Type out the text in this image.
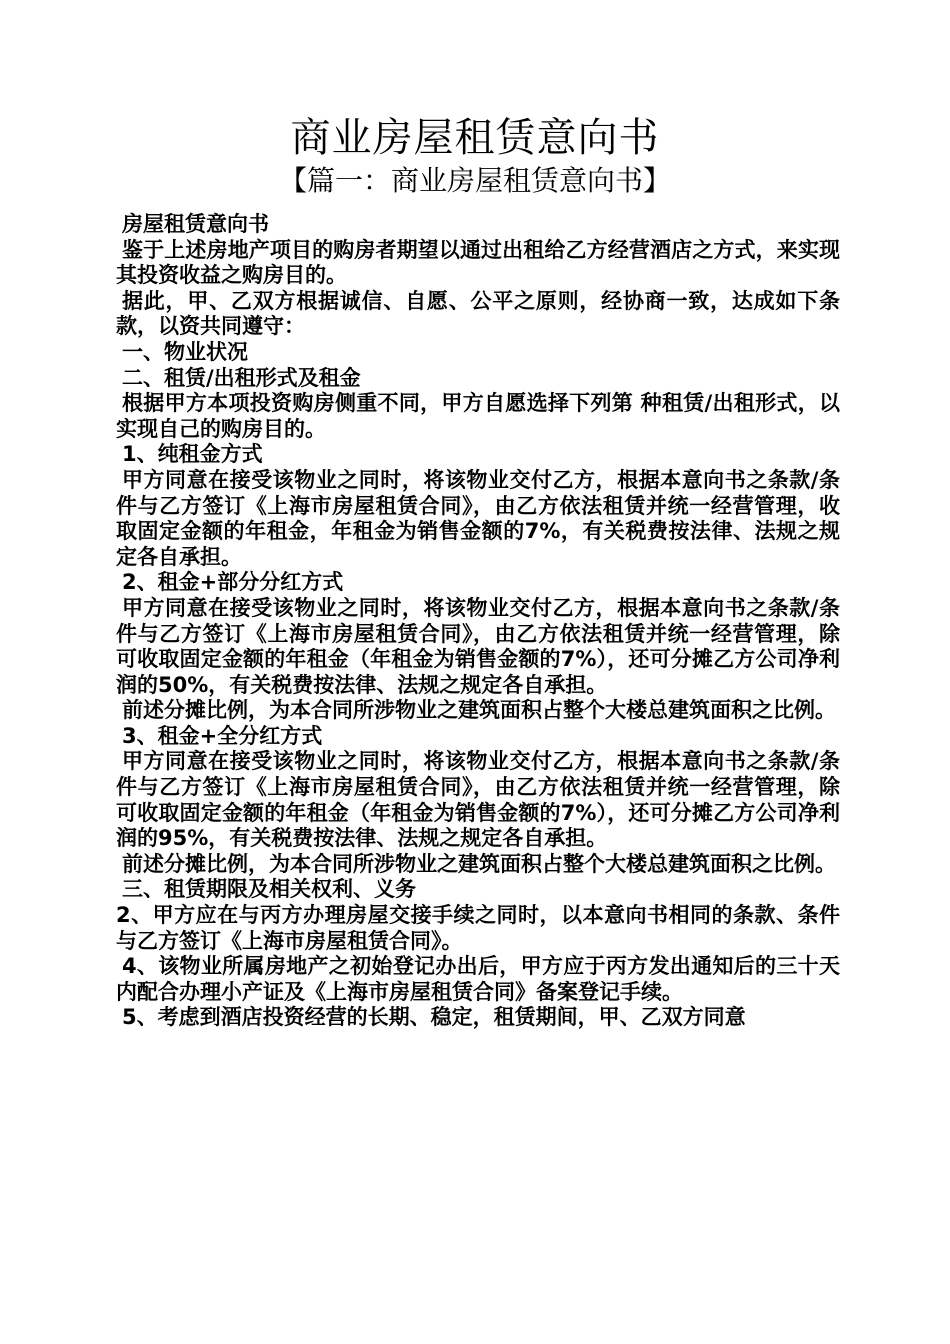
商业房屋租赁意向书
【篇一：商业房屋租赁意向书】

房屋租赁意向书

鉴于上述房地产项目的购房者期望以通过出租给乙方经营酒店之方式，来实现其投资收益之购房目的。

据此，甲、乙双方根据诚信、自愿、公平之原则，经协商一致，达成如下条款，以资共同遵守：

一、物业状况

二、租赁/出租形式及租金

根据甲方本项投资购房侧重不同，甲方自愿选择下列第 种租赁/出租形式，以实现自己的购房目的。

1、纯租金方式

甲方同意在接受该物业之同时，将该物业交付乙方，根据本意向书之条款/条件与乙方签订《上海市房屋租赁合同》，由乙方依法租赁并统一经营管理，收取固定金额的年租金，年租金为销售金额的7%，有关税费按法律、法规之规定各自承担。

2、租金+部分分红方式

甲方同意在接受该物业之同时，将该物业交付乙方，根据本意向书之条款/条件与乙方签订《上海市房屋租赁合同》，由乙方依法租赁并统一经营管理，除可收取固定金额的年租金（年租金为销售金额的7%），还可分摊乙方公司净利润的50%，有关税费按法律、法规之规定各自承担。

前述分摊比例，为本合同所涉物业之建筑面积占整个大楼总建筑面积之比例。

3、租金+全分红方式

甲方同意在接受该物业之同时，将该物业交付乙方，根据本意向书之条款/条件与乙方签订《上海市房屋租赁合同》，由乙方依法租赁并统一经营管理，除可收取固定金额的年租金（年租金为销售金额的7%），还可分摊乙方公司净利润的95%，有关税费按法律、法规之规定各自承担。

前述分摊比例，为本合同所涉物业之建筑面积占整个大楼总建筑面积之比例。

三、租赁期限及相关权利、义务

2、甲方应在与丙方办理房屋交接手续之同时，以本意向书相同的条款、条件与乙方签订《上海市房屋租赁合同》。

4、该物业所属房地产之初始登记办出后，甲方应于丙方发出通知后的三十天内配合办理小产证及《上海市房屋租赁合同》备案登记手续。

5、考虑到酒店投资经营的长期、稳定，租赁期间，甲、乙双方同意
